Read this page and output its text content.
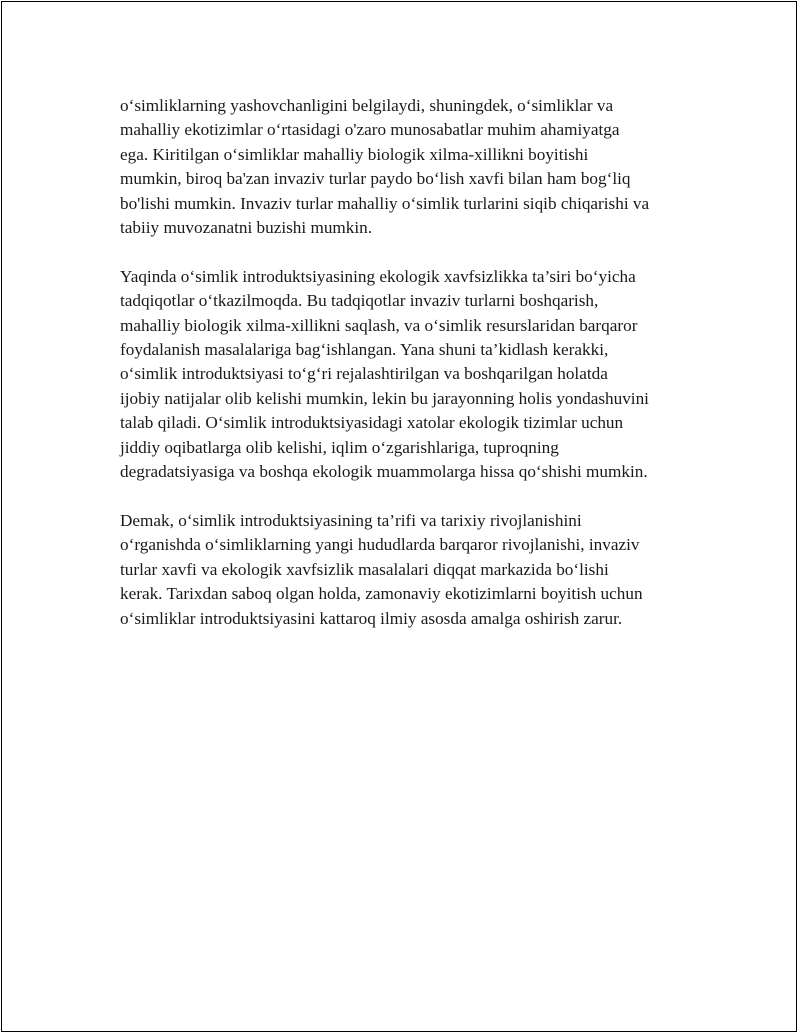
o‘simliklarning yashovchanligini belgilaydi, shuningdek, o‘simliklar va
mahalliy ekotizimlar o‘rtasidagi o'zaro munosabatlar muhim ahamiyatga
ega. Kiritilgan o‘simliklar mahalliy biologik xilma-xillikni boyitishi
mumkin, biroq ba'zan invaziv turlar paydo bo‘lish xavfi bilan ham bog‘liq
bo'lishi mumkin. Invaziv turlar mahalliy o‘simlik turlarini siqib chiqarishi va
tabiiy muvozanatni buzishi mumkin.

Yaqinda o‘simlik introduktsiyasining ekologik xavfsizlikka ta’siri bo‘yicha
tadqiqotlar o‘tkazilmoqda. Bu tadqiqotlar invaziv turlarni boshqarish,
mahalliy biologik xilma-xillikni saqlash, va o‘simlik resurslaridan barqaror
foydalanish masalalariga bag‘ishlangan. Yana shuni ta’kidlash kerakki,
o‘simlik introduktsiyasi to‘g‘ri rejalashtirilgan va boshqarilgan holatda
ijobiy natijalar olib kelishi mumkin, lekin bu jarayonning holis yondashuvini
talab qiladi. O‘simlik introduktsiyasidagi xatolar ekologik tizimlar uchun
jiddiy oqibatlarga olib kelishi, iqlim o‘zgarishlariga, tuproqning
degradatsiyasiga va boshqa ekologik muammolarga hissa qo‘shishi mumkin.

Demak, o‘simlik introduktsiyasining ta’rifi va tarixiy rivojlanishini
o‘rganishda o‘simliklarning yangi hududlarda barqaror rivojlanishi, invaziv
turlar xavfi va ekologik xavfsizlik masalalari diqqat markazida bo‘lishi
kerak. Tarixdan saboq olgan holda, zamonaviy ekotizimlarni boyitish uchun
o‘simliklar introduktsiyasini kattaroq ilmiy asosda amalga oshirish zarur.
